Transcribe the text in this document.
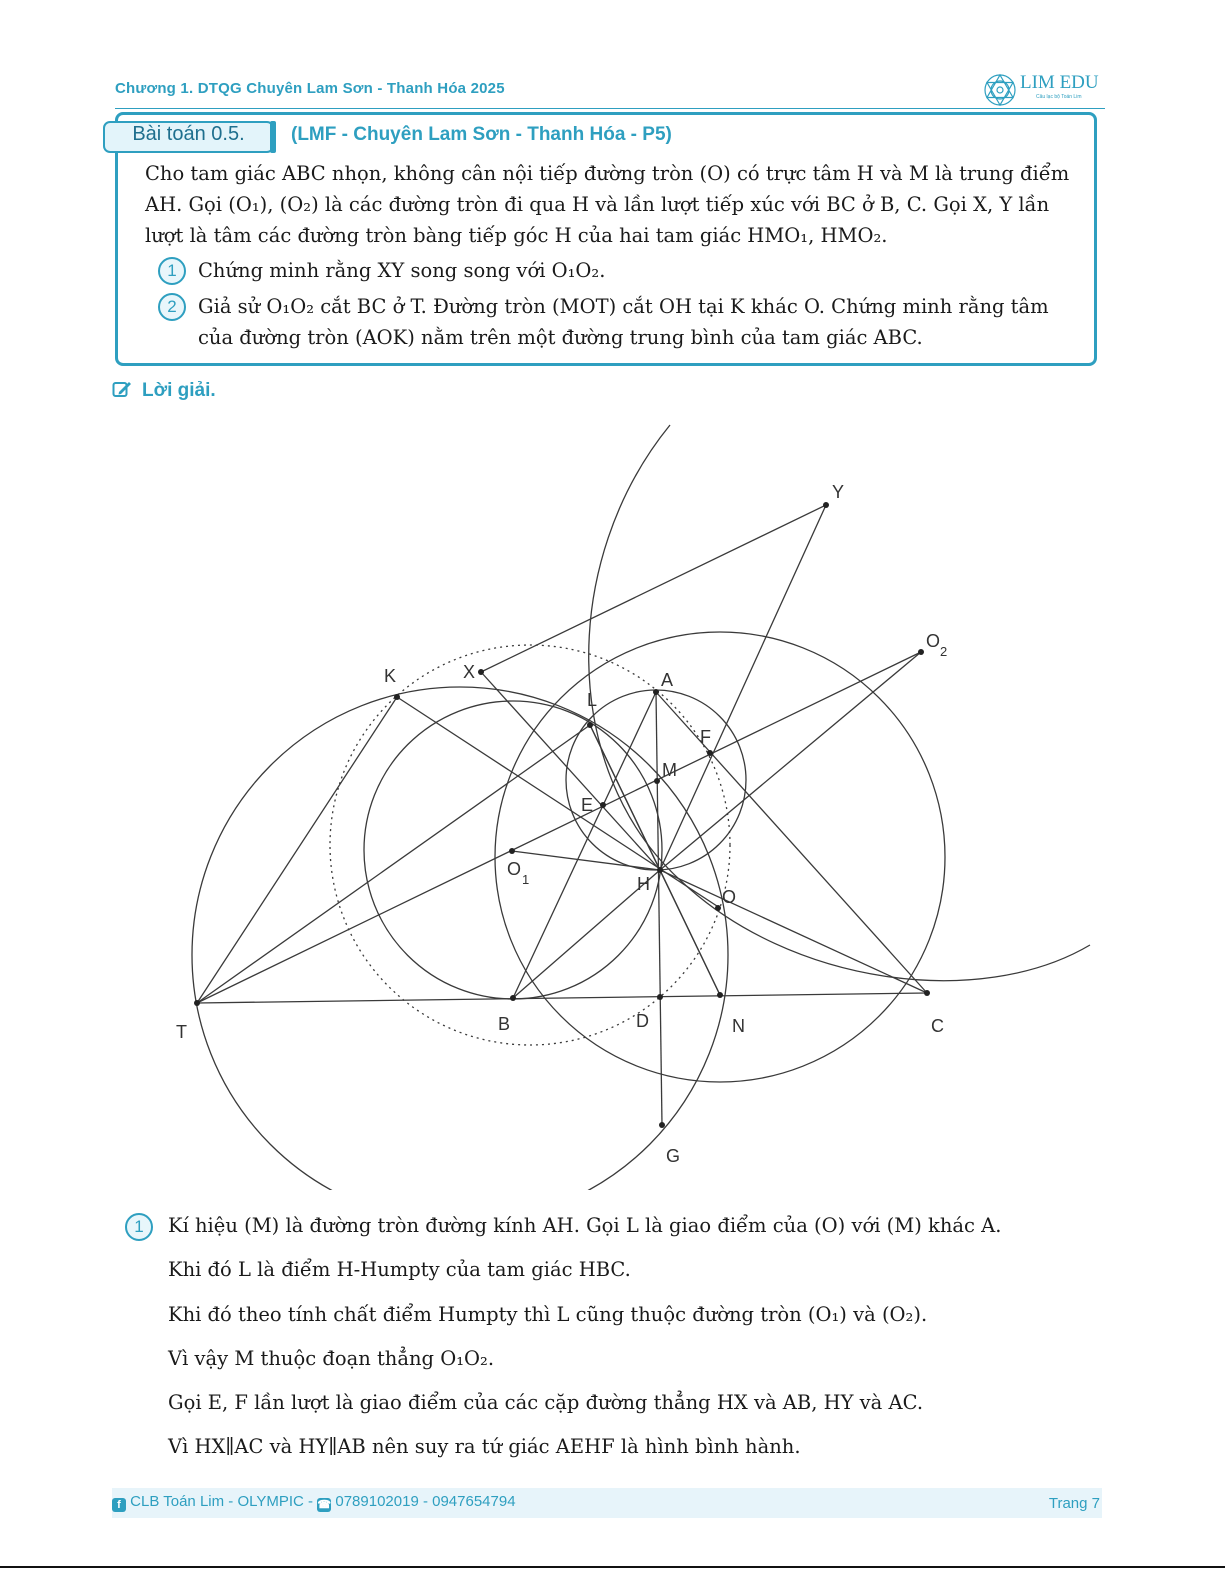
Chương 1. DTQG Chuyên Lam Sơn - Thanh Hóa 2025	LIM EDU
Câu lạc bộ Toán Lim
Bài toán 0.5.	(LMF - Chuyên Lam Sơn - Thanh Hóa - P5)
Cho tam giác ABC nhọn, không cân nội tiếp đường tròn (O) có trực tâm H và M là trung điểm
AH. Gọi (O₁), (O₂) là các đường tròn đi qua H và lần lượt tiếp xúc với BC ở B, C. Gọi X, Y lần
lượt là tâm các đường tròn bàng tiếp góc H của hai tam giác HMO₁, HMO₂.
1	Chứng minh rằng XY song song với O₁O₂.
2	Giả sử O₁O₂ cắt BC ở T. Đường tròn (MOT) cắt OH tại K khác O. Chứng minh rằng tâm
của đường tròn (AOK) nằm trên một đường trung bình của tam giác ABC.
Lời giải.
Y
O
2
K	X	A
L
F
M
E
O
1	H
O
T	B	D	N	C
G
1	Kí hiệu (M) là đường tròn đường kính AH. Gọi L là giao điểm của (O) với (M) khác A.
Khi đó L là điểm H-Humpty của tam giác HBC.
Khi đó theo tính chất điểm Humpty thì L cũng thuộc đường tròn (O₁) và (O₂).
Vì vậy M thuộc đoạn thẳng O₁O₂.
Gọi E, F lần lượt là giao điểm của các cặp đường thẳng HX và AB, HY và AC.
Vì HX∥AC và HY∥AB nên suy ra tứ giác AEHF là hình bình hành.
f CLB Toán Lim - OLYMPIC - ☎ 0789102019 - 0947654794	Trang 7
